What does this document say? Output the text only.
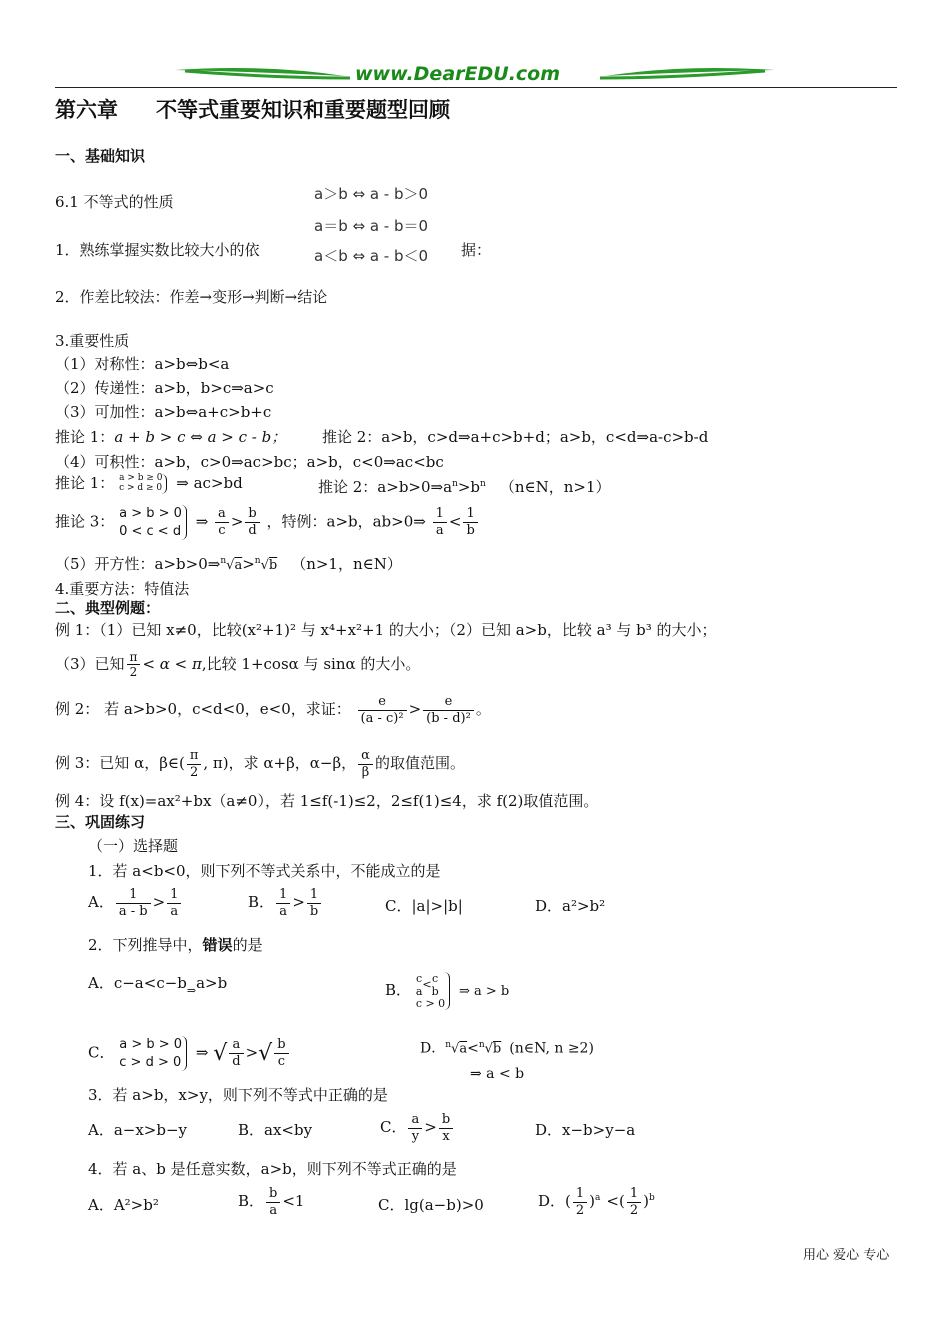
www.DearEDU.com
第六章 不等式重要知识和重要题型回顾
一、基础知识
6.1 不等式的性质	a＞b ⇔ a - b＞0
a＝b ⇔ a - b＝0
a＜b ⇔ a - b＜0
1．熟练掌握实数比较大小的依	据：
2．作差比较法：作差→变形→判断→结论
3.重要性质
（1）对称性：a>b⇔b<a
（2）传递性：a>b，b>c⇒a>c
（3）可加性：a>b⇔a+c>b+c
推论 1：a + b > c ⇔ a > c - b； 推论 2：a>b，c>d⇒a+c>b+d；a>b，c<d⇒a-c>b-d
（4）可积性：a>b，c>0⇒ac>bc；a>b，c<0⇒ac<bc
推论 1： a > b ≥ 0
c > d ≥ 0 ⇒ ac>bd	推论 2：$a>b>0\Rightarrow a^n>b^n$ （n∈N，n>1）
推论 3： a > b > 0
0 < c < d ⇒ $\frac{a}{c} > \frac{b}{d}$ ，特例：a>b，ab>0⇒ $\frac{1}{a} < \frac{1}{b}$
（5）开方性：a>b>0⇒$^n$√a>$^n$√b （n>1，n∈N）
4.重要方法：特值法
二、典型例题：
例 1：（1）已知 x≠0，比较(x²+1)² 与 x⁴+x²+1 的大小；（2）已知 a>b，比较 a³ 与 b³ 的大小；
（3）已知 $\frac{\pi}{2} < \alpha < \pi$,比较 1+cosα 与 sinα 的大小。
例 2： 若 a>b>0，c<d<0，e<0，求证： $\frac{e}{\text{(a - c)²}} > \frac{e}{\text{(b - d)²}}$ 。
例 3：已知 α，β∈( $\frac{\pi}{2}$ , π)，求 α+β，α−β， $\frac{\alpha}{\beta}$ 的取值范围。
例 4：设 f(x)=ax²+bx（a≠0），若 1≤f(-1)≤2，2≤f(1)≤4，求 f(2)取值范围。
三、巩固练习
（一）选择题
1．若 a<b<0，则下列不等式关系中，不能成立的是
A． $\frac{1}{a - b} > \frac{1}{a}$	B． $\frac{1}{a} > \frac{1}{b}$	C．|a|>|b|	D．a²>b²
2．下列推导中，错误的是
A．$c-a<c-b_\Rightarrow a>b$	B．
c
a
< c
b

c > 0 ⇒ a > b
C． a > b > 0
c > d > 0 ⇒ √ $\frac{a}{d}$ >√ $\frac{b}{c}$	D．$^n$√a<$^n$√b (n∈N, n ≥2)
⇒ a < b
3．若 a>b，x>y，则下列不等式中正确的是
A．a−x>b−y	B．ax<by	C． $\frac{a}{y} > \frac{b}{x}$	D．x−b>y−a
4．若 a、b 是任意实数，a>b，则下列不等式正确的是
A．A²>b²	B． $\frac{b}{a} <1$	C．lg(a−b)>0	D．( $\frac{1}{2} )^a$ <( $\frac{1}{2} )^b$
用心 爱心 专心
